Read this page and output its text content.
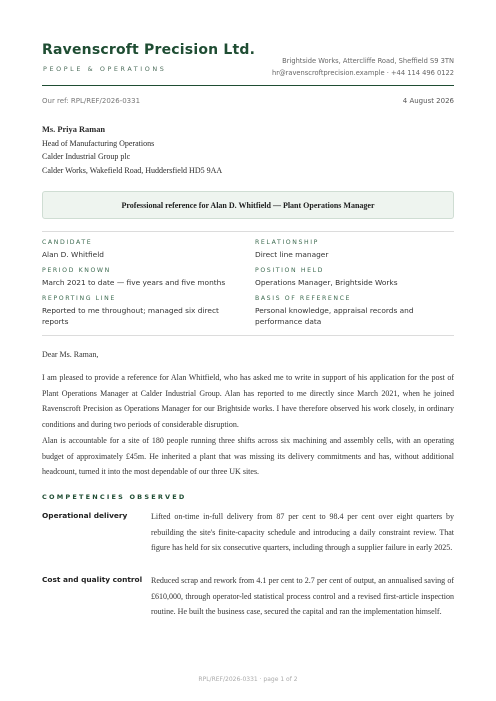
Ravenscroft Precision Ltd.
PEOPLE & OPERATIONS
Brightside Works, Attercliffe Road, Sheffield S9 3TN
hr@ravenscroftprecision.example · +44 114 496 0122
Our ref: RPL/REF/2026-0331	4 August 2026
Ms. Priya Raman
Head of Manufacturing Operations
Calder Industrial Group plc
Calder Works, Wakefield Road, Huddersfield HD5 9AA
Professional reference for Alan D. Whitfield — Plant Operations Manager
CANDIDATE
Alan D. Whitfield
RELATIONSHIP
Direct line manager
PERIOD KNOWN
March 2021 to date — five years and five months
POSITION HELD
Operations Manager, Brightside Works
REPORTING LINE
Reported to me throughout; managed six direct reports
BASIS OF REFERENCE
Personal knowledge, appraisal records and performance data

Dear Ms. Raman,

I am pleased to provide a reference for Alan Whitfield, who has asked me to write in support of his application for the post of Plant Operations Manager at Calder Industrial Group. Alan has reported to me directly since March 2021, when he joined Ravenscroft Precision as Operations Manager for our Brightside works. I have therefore observed his work closely, in ordinary conditions and during two periods of considerable disruption.

Alan is accountable for a site of 180 people running three shifts across six machining and assembly cells, with an operating budget of approximately £45m. He inherited a plant that was missing its delivery commitments and has, without additional headcount, turned it into the most dependable of our three UK sites.

COMPETENCIES OBSERVED
Operational delivery	Lifted on-time in-full delivery from 87 per cent to 98.4 per cent over eight quarters by rebuilding the site's finite-capacity schedule and introducing a daily constraint review. That figure has held for six consecutive quarters, including through a supplier failure in early 2025.

Cost and quality control Reduced scrap and rework from 4.1 per cent to 2.7 per cent of output, an annualised saving of £610,000, through operator-led statistical process control and a revised first-article inspection routine. He built the business case, secured the capital and ran the implementation himself.

RPL/REF/2026-0331 · page 1 of 2
